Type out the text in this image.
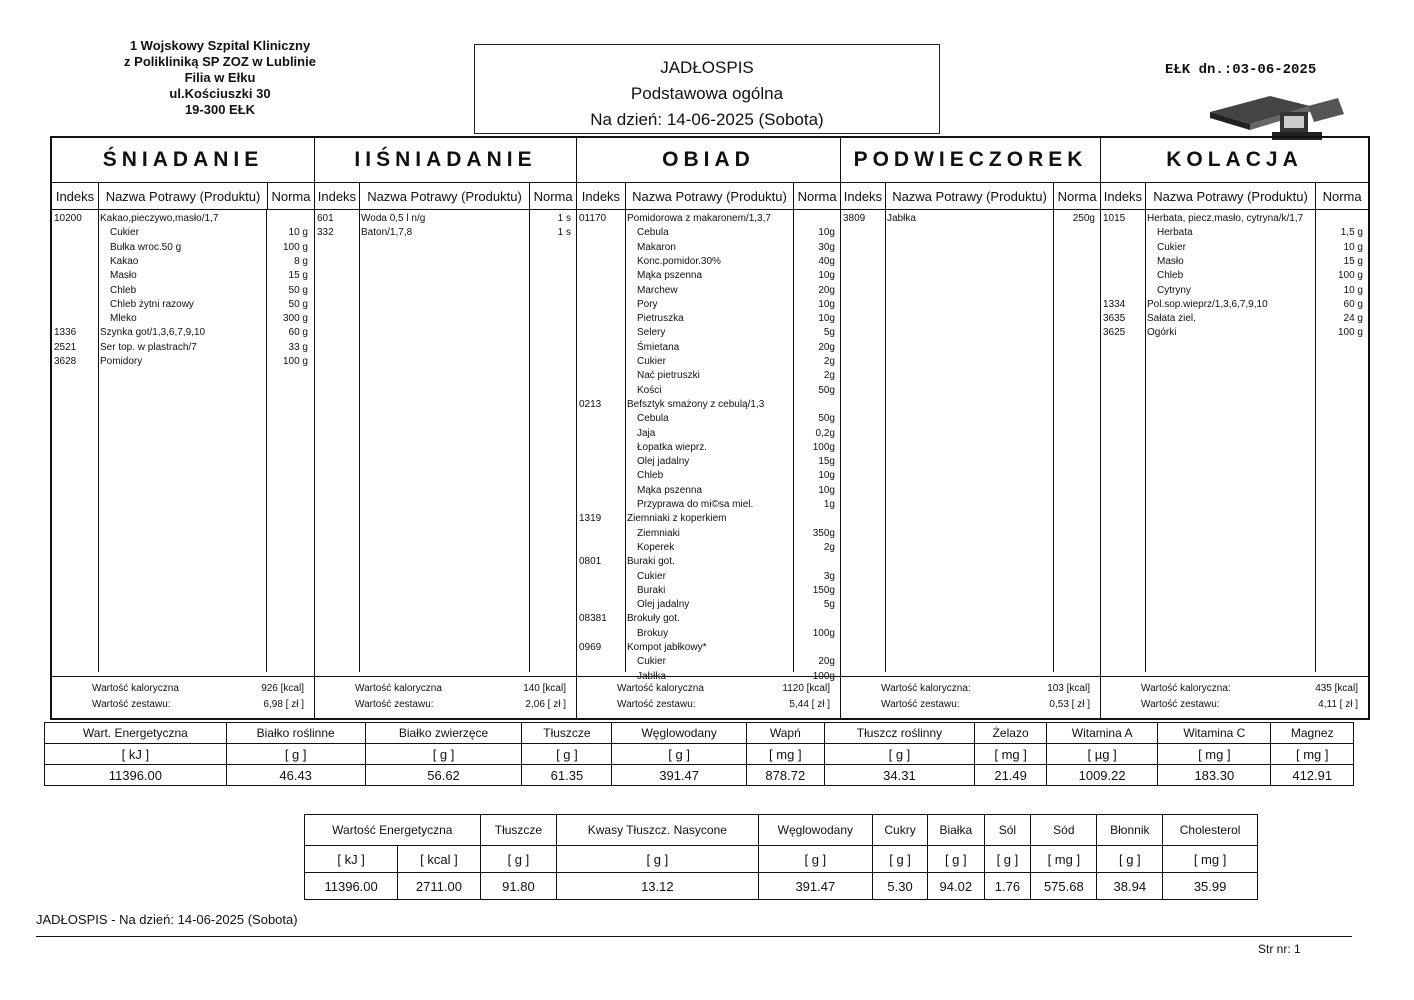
1 Wojskowy Szpital Kliniczny
z Polikliniką SP ZOZ w Lublinie
Filia w Ełku
ul.Kościuszki 30
19-300 EŁK
JADŁOSPIS
Podstawowa ogólna
Na dzień: 14-06-2025 (Sobota)
EŁK dn.:03-06-2025
ŚNIADANIE
Indeks Nazwa Potrawy (Produktu) Norma
10200 Kakao,pieczywo,masło/1,7
Cukier	10 g
Bułka wroc.50 g	100 g
Kakao	8 g
Masło	15 g
Chleb	50 g
Chleb żytni razowy	50 g
Mleko	300 g
1336 Szynka got/1,3,6,7,9,10	60 g
2521 Ser top. w plastrach/7	33 g
3628 Pomidory	100 g
Wartość kaloryczna	926 [kcal]
Wartość zestawu:	6,98 [ zł ]
IIŚNIADANIE
Indeks Nazwa Potrawy (Produktu) Norma
601	Woda 0,5 l n/g	1 s
332	Baton/1,7,8	1 s
Wartość kaloryczna	140 [kcal]
Wartość zestawu:	2,06 [ zł ]
OBIAD
Indeks Nazwa Potrawy (Produktu) Norma
01170 Pomidorowa z makaronem/1,3,7
Cebula	10g
Makaron	30g
Konc.pomidor.30%	40g
Mąka pszenna	10g
Marchew	20g
Pory	10g
Pietruszka	10g
Selery	5g
Śmietana	20g
Cukier	2g
Nać pietruszki	2g
Kości	50g
0213	Befsztyk smażony z cebulą/1,3
Cebula	50g
Jaja	0,2g
Łopatka wieprz.	100g
Olej jadalny	15g
Chleb	10g
Mąka pszenna	10g
Przyprawa do mi©sa miel.	1g
1319	Ziemniaki z koperkiem
Ziemniaki	350g
Koperek	2g
0801	Buraki got.
Cukier	3g
Buraki	150g
Olej jadalny	5g
08381 Brokuły got.
Brokuy	100g
0969	Kompot jabłkowy*
Cukier	20g
Jabłka	100g
Wartość kaloryczna	1120 [kcal]
Wartość zestawu:	5,44 [ zł ]
PODWIECZOREK
Indeks Nazwa Potrawy (Produktu) Norma
3809 Jabłka	250g
Wartość kaloryczna:	103 [kcal]
Wartość zestawu:	0,53 [ zł ]
KOLACJA
Indeks Nazwa Potrawy (Produktu)	Norma
1015 Herbata, piecz,masło, cytryna/k/1,7
Herbata	1,5 g
Cukier	10 g
Masło	15 g
Chleb	100 g
Cytryny	10 g
1334 Pol.sop.wieprz/1,3,6,7,9,10	60 g
3635 Sałata ziel.	24 g
3625 Ogórki	100 g
Wartość kaloryczna:	435 [kcal]
Wartość zestawu:	4,11 [ zł ]
Wart. Energetyczna	Białko roślinne	Białko zwierzęce	Tłuszcze	Węglowodany	Wapń	Tłuszcz roślinny	Żelazo	Witamina A	Witamina C	Magnez
[ kJ ]	[ g ]	[ g ]	[ g ]	[ g ]	[ mg ]	[ g ]	[ mg ]	[ µg ]	[ mg ]	[ mg ]
11396.00	46.43	56.62	61.35	391.47	878.72	34.31	21.49	1009.22	183.30	412.91
Wartość Energetyczna		Tłuszcze	Kwasy Tłuszcz. Nasycone	Węglowodany	Cukry	Białka	Sól	Sód	Błonnik	Cholesterol
[ kJ ]	[ kcal ]	[ g ]	[ g ]	[ g ]	[ g ]	[ g ]	[ g ]	[ mg ]	[ g ]	[ mg ]
11396.00	2711.00	91.80	13.12	391.47	5.30	94.02	1.76	575.68	38.94	35.99
JADŁOSPIS - Na dzień: 14-06-2025 (Sobota)
Str nr: 1
